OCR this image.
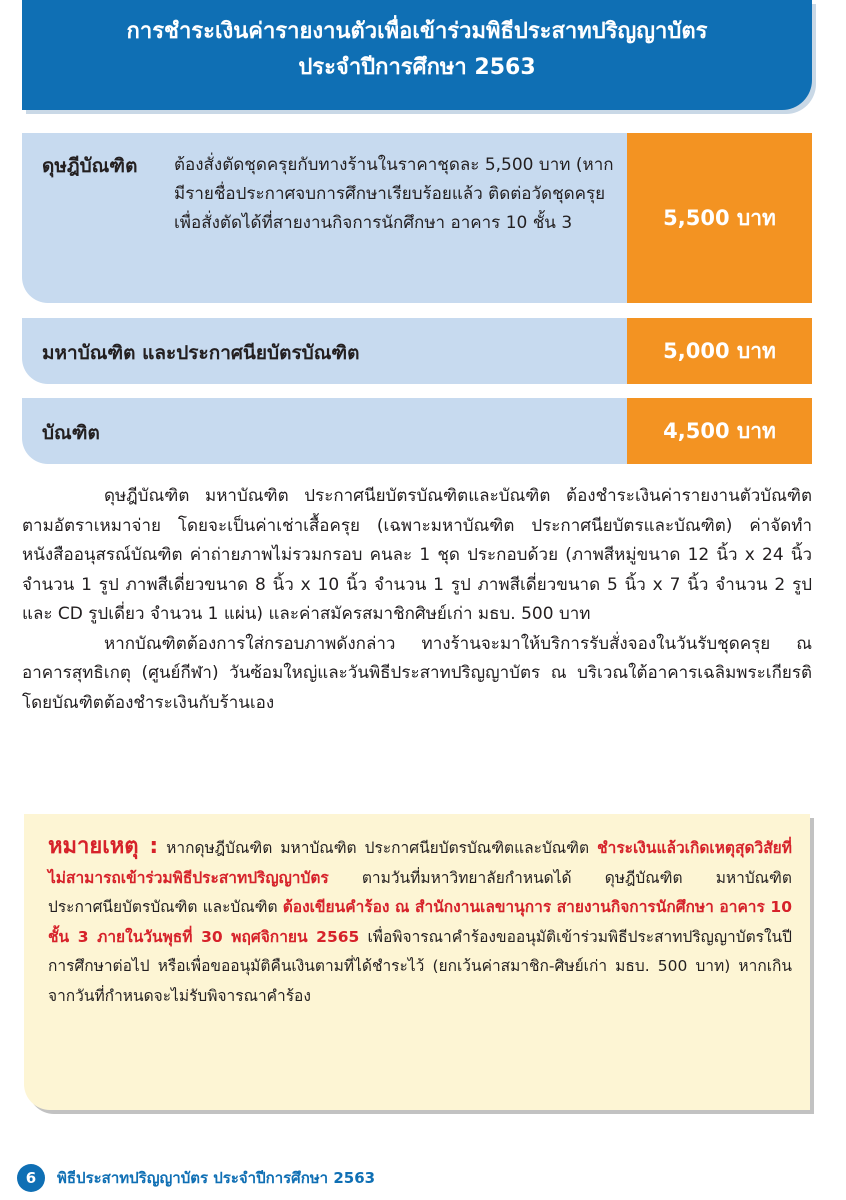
การชำระเงินค่ารายงานตัวเพื่อเข้าร่วมพิธีประสาทปริญญาบัตร
ประจำปีการศึกษา 2563
ดุษฎีบัณฑิต ต้องสั่งตัดชุดครุยกับทางร้านในราคาชุดละ 5,500 บาท (หากมีรายชื่อประกาศจบการศึกษาเรียบร้อยแล้ว ติดต่อวัดชุดครุยเพื่อสั่งตัดได้ที่สายงานกิจการนักศึกษา อาคาร 10 ชั้น 3	5,500 บาท
มหาบัณฑิต และประกาศนียบัตรบัณฑิต	5,000 บาท
บัณฑิต	4,500 บาท

ดุษฎีบัณฑิต มหาบัณฑิต ประกาศนียบัตรบัณฑิตและบัณฑิต ต้องชำระเงินค่ารายงานตัวบัณฑิต ตามอัตราเหมาจ่าย โดยจะเป็นค่าเช่าเสื้อครุย (เฉพาะมหาบัณฑิต ประกาศนียบัตรและบัณฑิต) ค่าจัดทำหนังสืออนุสรณ์บัณฑิต ค่าถ่ายภาพไม่รวมกรอบ คนละ 1 ชุด ประกอบด้วย (ภาพสีหมู่ขนาด 12 นิ้ว x 24 นิ้ว จำนวน 1 รูป ภาพสีเดี่ยวขนาด 8 นิ้ว x 10 นิ้ว จำนวน 1 รูป ภาพสีเดี่ยวขนาด 5 นิ้ว x 7 นิ้ว จำนวน 2 รูป และ CD รูปเดี่ยว จำนวน 1 แผ่น) และค่าสมัครสมาชิกศิษย์เก่า มธบ. 500 บาท

หากบัณฑิตต้องการใส่กรอบภาพดังกล่าว ทางร้านจะมาให้บริการรับสั่งจองในวันรับชุดครุย ณ อาคารสุทธิเกตุ (ศูนย์กีฬา) วันซ้อมใหญ่และวันพิธีประสาทปริญญาบัตร ณ บริเวณใต้อาคารเฉลิมพระเกียรติ โดยบัณฑิตต้องชำระเงินกับร้านเอง

หมายเหตุ : หากดุษฎีบัณฑิต มหาบัณฑิต ประกาศนียบัตรบัณฑิตและบัณฑิต ชำระเงินแล้วเกิดเหตุสุดวิสัยที่ไม่สามารถเข้าร่วมพิธีประสาทปริญญาบัตร ตามวันที่มหาวิทยาลัยกำหนดได้ ดุษฎีบัณฑิต มหาบัณฑิต ประกาศนียบัตรบัณฑิต และบัณฑิต ต้องเขียนคำร้อง ณ สำนักงานเลขานุการ สายงานกิจการนักศึกษา อาคาร 10 ชั้น 3 ภายในวันพุธที่ 30 พฤศจิกายน 2565 เพื่อพิจารณาคำร้องขออนุมัติเข้าร่วมพิธีประสาทปริญญาบัตรในปีการศึกษาต่อไป หรือเพื่อขออนุมัติคืนเงินตามที่ได้ชำระไว้ (ยกเว้นค่าสมาชิก-ศิษย์เก่า มธบ. 500 บาท) หากเกินจากวันที่กำหนดจะไม่รับพิจารณาคำร้อง
6	พิธีประสาทปริญญาบัตร ประจำปีการศึกษา 2563
